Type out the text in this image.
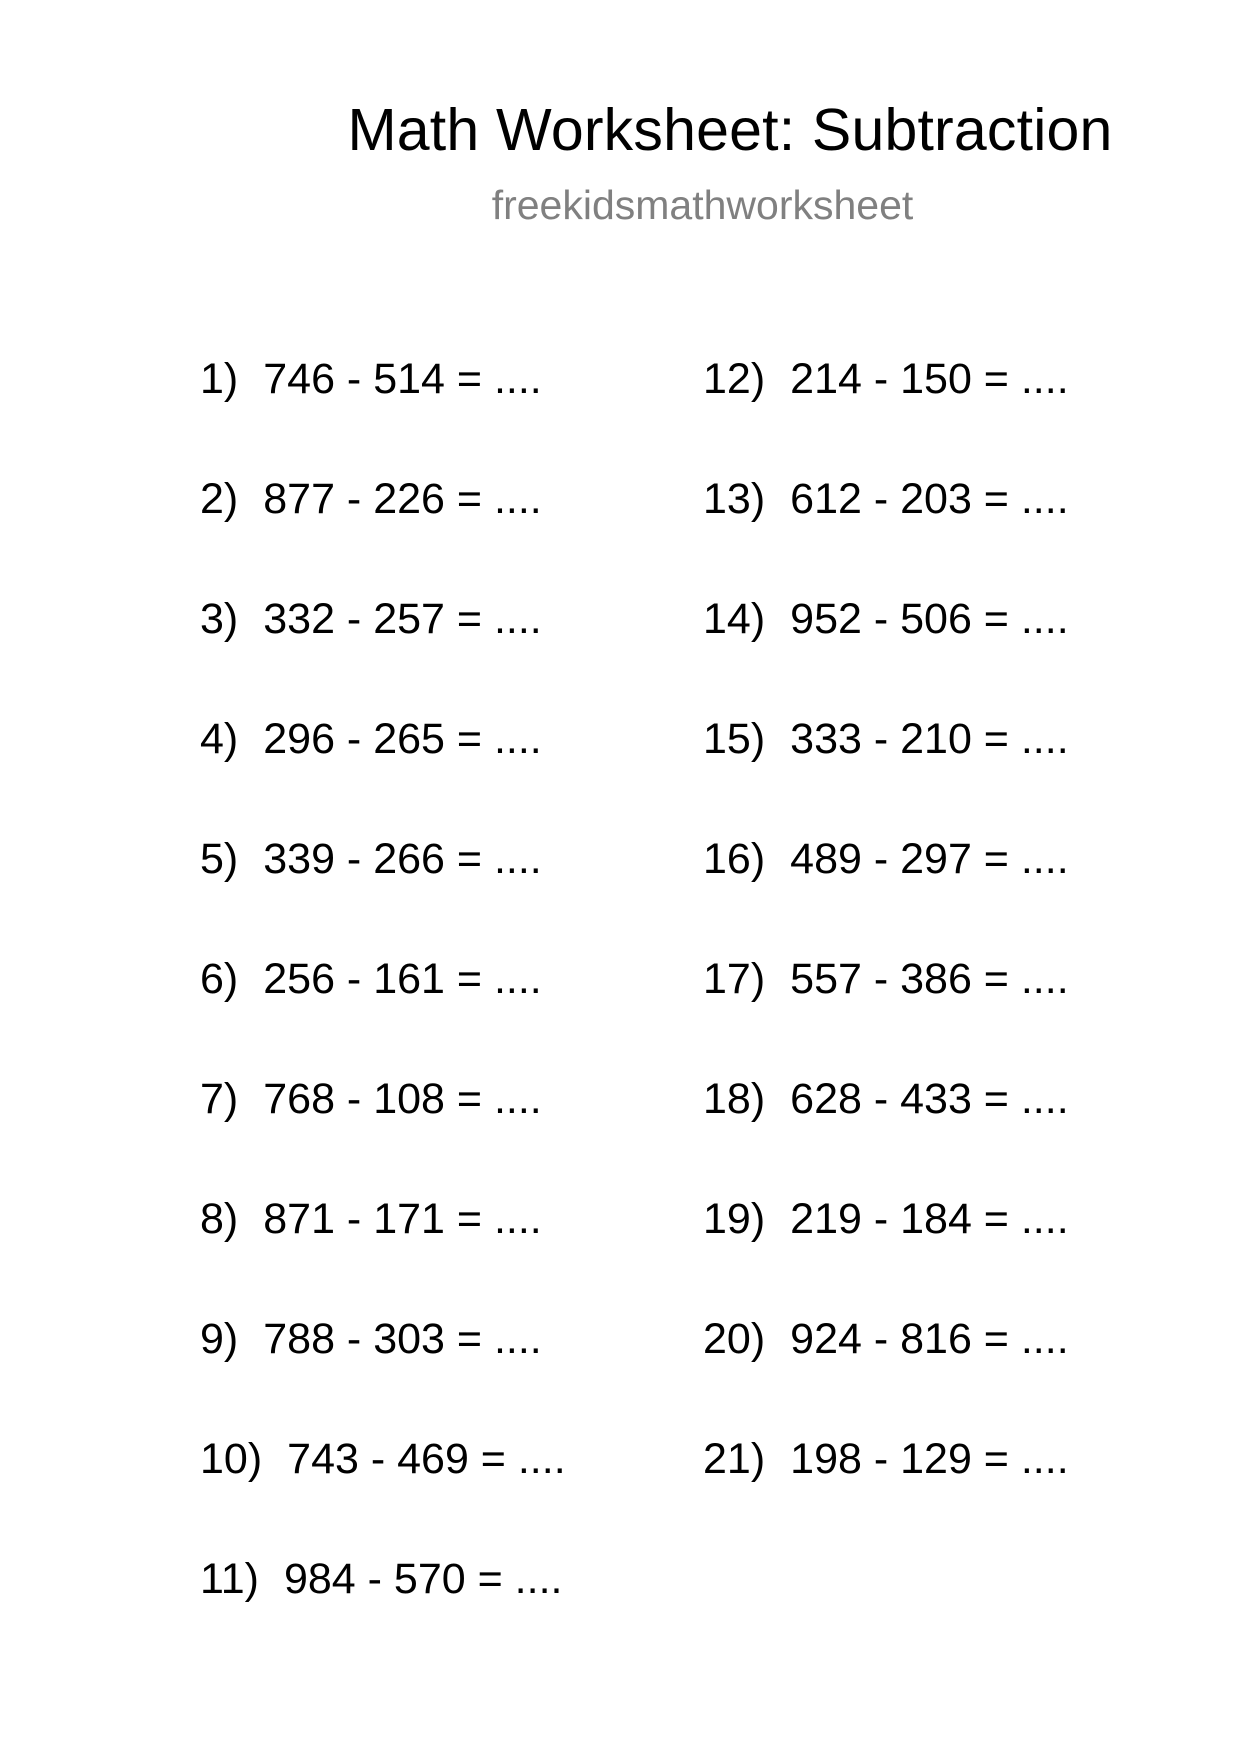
Math Worksheet: Subtraction
freekidsmathworksheet
1) 746 - 514 = ....
2) 877 - 226 = ....
3) 332 - 257 = ....
4) 296 - 265 = ....
5) 339 - 266 = ....
6) 256 - 161 = ....
7) 768 - 108 = ....
8) 871 - 171 = ....
9) 788 - 303 = ....
10) 743 - 469 = ....
11) 984 - 570 = ....
12) 214 - 150 = ....
13) 612 - 203 = ....
14) 952 - 506 = ....
15) 333 - 210 = ....
16) 489 - 297 = ....
17) 557 - 386 = ....
18) 628 - 433 = ....
19) 219 - 184 = ....
20) 924 - 816 = ....
21) 198 - 129 = ....
